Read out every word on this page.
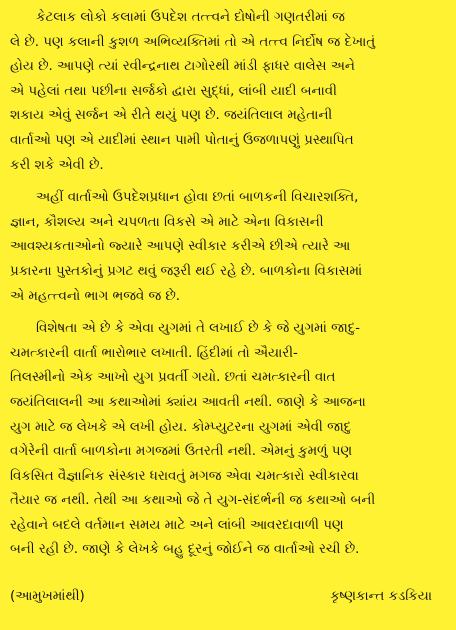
કેટલાક લોકો કલામાં ઉપદેશ તત્ત્વને દોષોની ગણતરીમાં જ
લે છે. પણ કલાની કુશળ અભિવ્યક્તિમાં તો એ તત્ત્વ નિર્દોષ જ દેખાતું
હોય છે. આપણે ત્યાં રવીન્દ્રનાથ ટાગોરથી માંડી ફાધર વાલેસ અને
એ પહેલાં તથા પછીના સર્જકો દ્વારા સુદ્ધાં, લાંબી યાદી બનાવી
શકાય એવું સર્જન એ રીતે થયું પણ છે. જયંતિલાલ મહેતાની
વાર્તાઓ પણ એ યાદીમાં સ્થાન પામી પોતાનું ઉજળાપણું પ્રસ્થાપિત
કરી શકે એવી છે.
અહીં વાર્તાઓ ઉપદેશપ્રધાન હોવા છતાં બાળકની વિચારશક્તિ,
જ્ઞાન, કૌશલ્ય અને ચપળતા વિકસે એ માટે એના વિકાસની
આવશ્યકતાઓનો જ્યારે આપણે સ્વીકાર કરીએ છીએ ત્યારે આ
પ્રકારના પુસ્તકોનું પ્રગટ થવું જરૂરી થઈ રહે છે. બાળકોના વિકાસમાં
એ મહત્ત્વનો ભાગ ભજવે જ છે.
વિશેષતા એ છે કે એવા યુગમાં તે લખાઈ છે કે જે યુગમાં જાદુ-
ચમત્કારની વાર્તા ભારોભાર લખાતી. હિંદીમાં તો ઐયારી-
તિલસ્મીનો એક આખો યુગ પ્રવર્તી ગયો. છતાં ચમત્કારની વાત
જયંતિલાલની આ કથાઓમાં ક્યાંય આવતી નથી. જાણે કે આજના
યુગ માટે જ લેખકે એ લખી હોય. કોમ્પ્યુટરના યુગમાં એવી જાદુ
વગેરેની વાર્તા બાળકોના મગજમાં ઉતરતી નથી. એમનું કુમળું પણ
વિકસિત વૈજ્ઞાનિક સંસ્કાર ધરાવતું મગજ એવા ચમત્કારો સ્વીકારવા
તૈયાર જ નથી. તેથી આ કથાઓ જે તે યુગ-સંદર્ભની જ કથાઓ બની
રહેવાને બદલે વર્તમાન સમય માટે અને લાંબી આવરદાવાળી પણ
બની રહી છે. જાણે કે લેખકે બહુ દૂરનું જોઈને જ વાર્તાઓ રચી છે.
(આમુખમાંથી)	કૃષ્ણકાન્ત કડકિયા
